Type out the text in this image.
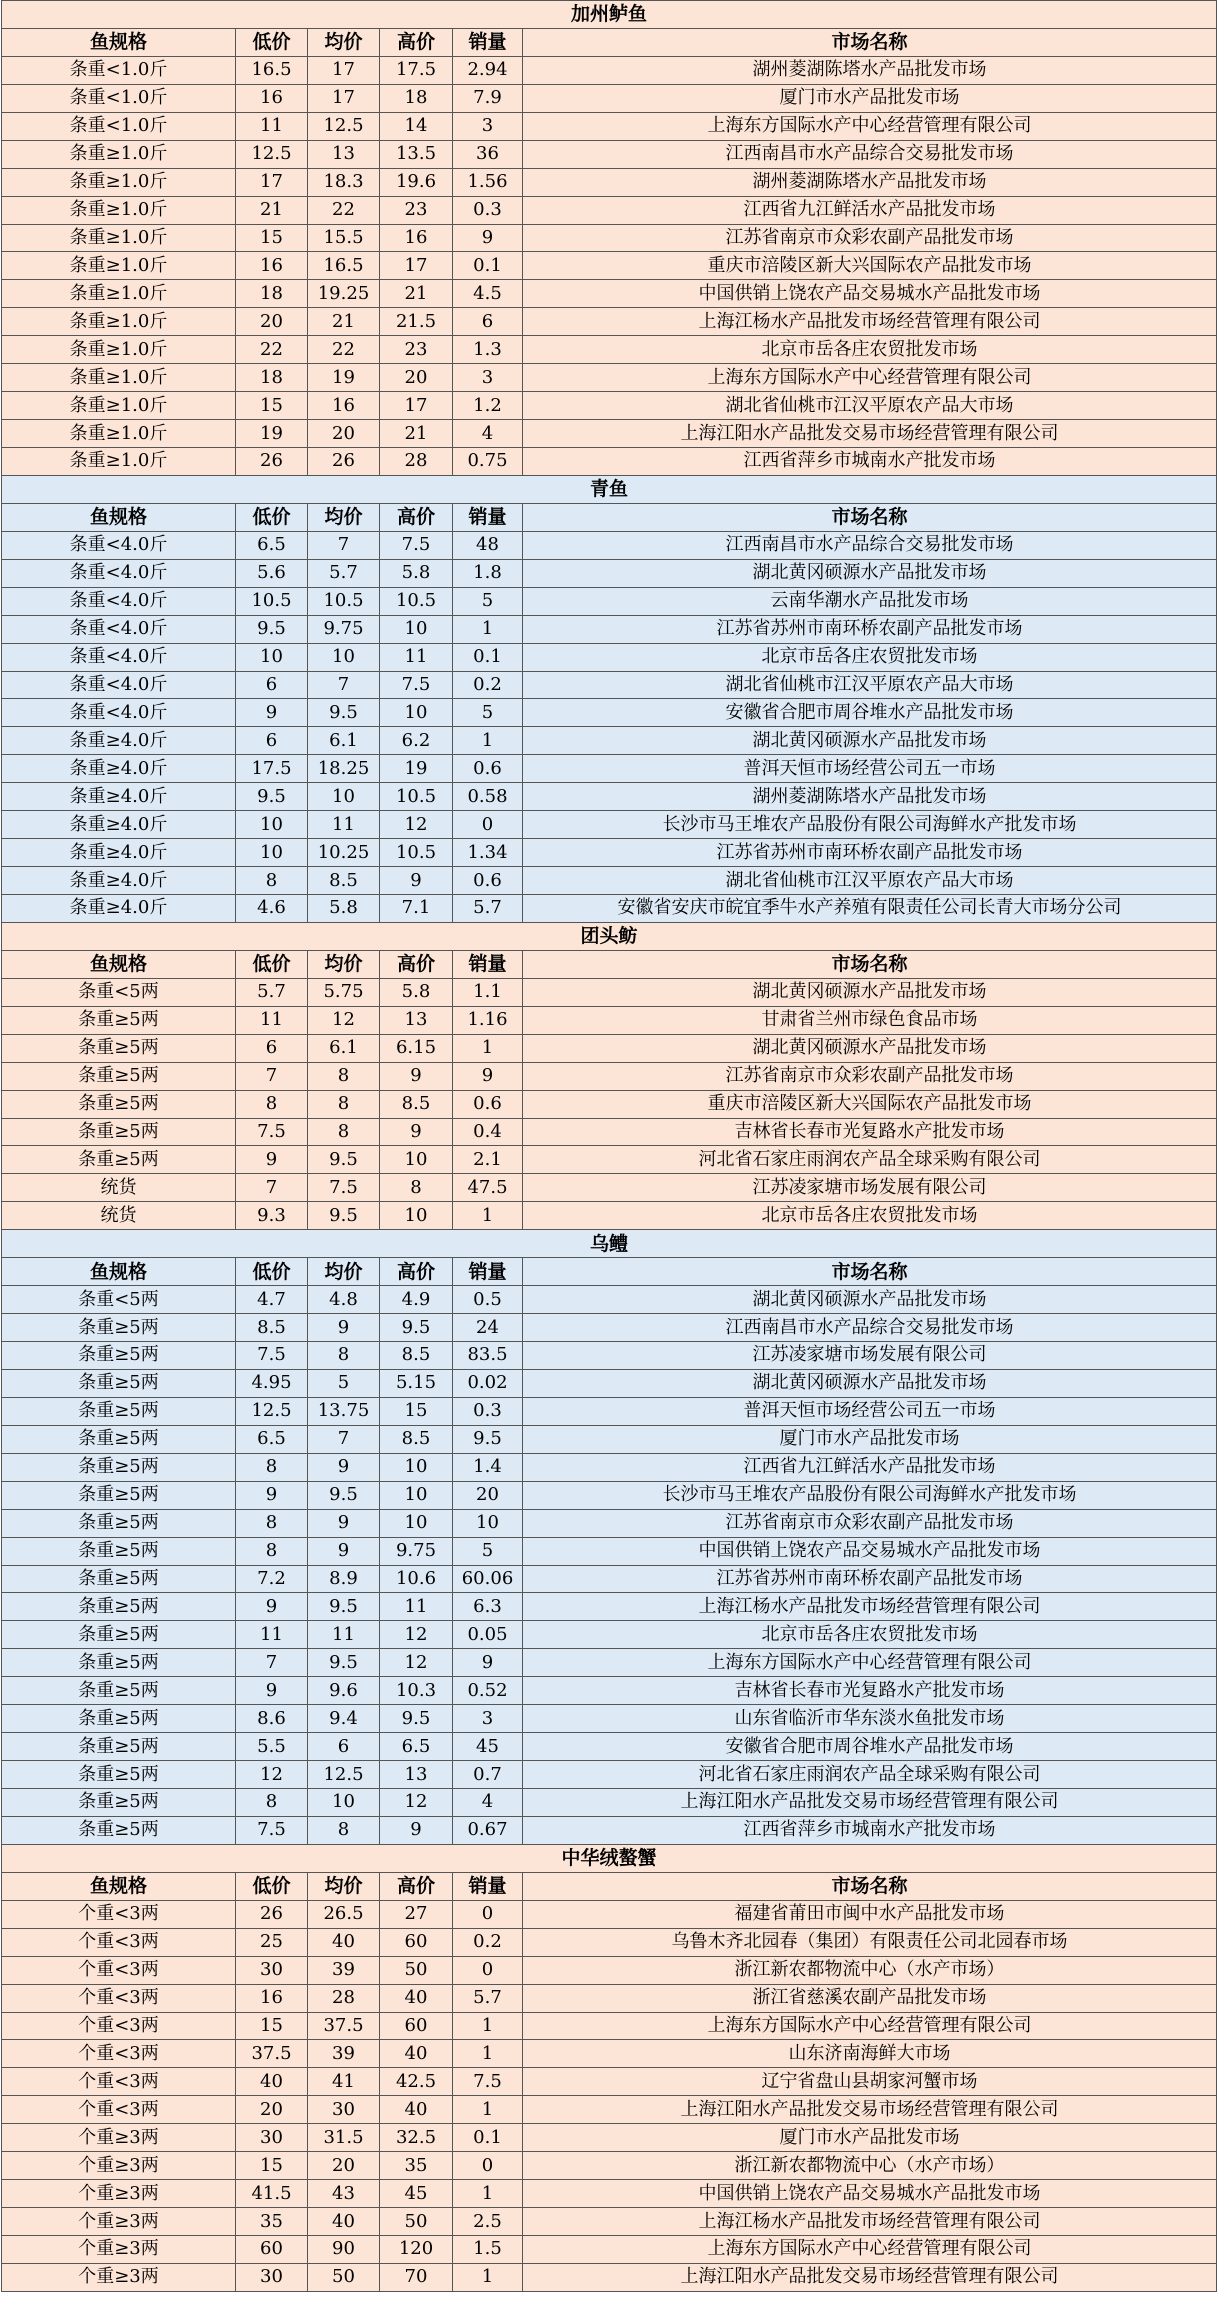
加州鲈鱼					
鱼规格	低价	均价	高价	销量	市场名称
条重<1.0斤	16.5	17	17.5	2.94	湖州菱湖陈塔水产品批发市场
条重<1.0斤	16	17	18	7.9	厦门市水产品批发市场
条重<1.0斤	11	12.5	14	3	上海东方国际水产中心经营管理有限公司
条重≥1.0斤	12.5	13	13.5	36	江西南昌市水产品综合交易批发市场
条重≥1.0斤	17	18.3	19.6	1.56	湖州菱湖陈塔水产品批发市场
条重≥1.0斤	21	22	23	0.3	江西省九江鲜活水产品批发市场
条重≥1.0斤	15	15.5	16	9	江苏省南京市众彩农副产品批发市场
条重≥1.0斤	16	16.5	17	0.1	重庆市涪陵区新大兴国际农产品批发市场
条重≥1.0斤	18	19.25	21	4.5	中国供销上饶农产品交易城水产品批发市场
条重≥1.0斤	20	21	21.5	6	上海江杨水产品批发市场经营管理有限公司
条重≥1.0斤	22	22	23	1.3	北京市岳各庄农贸批发市场
条重≥1.0斤	18	19	20	3	上海东方国际水产中心经营管理有限公司
条重≥1.0斤	15	16	17	1.2	湖北省仙桃市江汉平原农产品大市场
条重≥1.0斤	19	20	21	4	上海江阳水产品批发交易市场经营管理有限公司
条重≥1.0斤	26	26	28	0.75	江西省萍乡市城南水产批发市场
青鱼					
鱼规格	低价	均价	高价	销量	市场名称
条重<4.0斤	6.5	7	7.5	48	江西南昌市水产品综合交易批发市场
条重<4.0斤	5.6	5.7	5.8	1.8	湖北黄冈硕源水产品批发市场
条重<4.0斤	10.5	10.5	10.5	5	云南华潮水产品批发市场
条重<4.0斤	9.5	9.75	10	1	江苏省苏州市南环桥农副产品批发市场
条重<4.0斤	10	10	11	0.1	北京市岳各庄农贸批发市场
条重<4.0斤	6	7	7.5	0.2	湖北省仙桃市江汉平原农产品大市场
条重<4.0斤	9	9.5	10	5	安徽省合肥市周谷堆水产品批发市场
条重≥4.0斤	6	6.1	6.2	1	湖北黄冈硕源水产品批发市场
条重≥4.0斤	17.5	18.25	19	0.6	普洱天恒市场经营公司五一市场
条重≥4.0斤	9.5	10	10.5	0.58	湖州菱湖陈塔水产品批发市场
条重≥4.0斤	10	11	12	0	长沙市马王堆农产品股份有限公司海鲜水产批发市场
条重≥4.0斤	10	10.25	10.5	1.34	江苏省苏州市南环桥农副产品批发市场
条重≥4.0斤	8	8.5	9	0.6	湖北省仙桃市江汉平原农产品大市场
条重≥4.0斤	4.6	5.8	7.1	5.7	安徽省安庆市皖宜季牛水产养殖有限责任公司长青大市场分公司
团头鲂					
鱼规格	低价	均价	高价	销量	市场名称
条重<5两	5.7	5.75	5.8	1.1	湖北黄冈硕源水产品批发市场
条重≥5两	11	12	13	1.16	甘肃省兰州市绿色食品市场
条重≥5两	6	6.1	6.15	1	湖北黄冈硕源水产品批发市场
条重≥5两	7	8	9	9	江苏省南京市众彩农副产品批发市场
条重≥5两	8	8	8.5	0.6	重庆市涪陵区新大兴国际农产品批发市场
条重≥5两	7.5	8	9	0.4	吉林省长春市光复路水产批发市场
条重≥5两	9	9.5	10	2.1	河北省石家庄雨润农产品全球采购有限公司
统货	7	7.5	8	47.5	江苏凌家塘市场发展有限公司
统货	9.3	9.5	10	1	北京市岳各庄农贸批发市场
乌鳢					
鱼规格	低价	均价	高价	销量	市场名称
条重<5两	4.7	4.8	4.9	0.5	湖北黄冈硕源水产品批发市场
条重≥5两	8.5	9	9.5	24	江西南昌市水产品综合交易批发市场
条重≥5两	7.5	8	8.5	83.5	江苏凌家塘市场发展有限公司
条重≥5两	4.95	5	5.15	0.02	湖北黄冈硕源水产品批发市场
条重≥5两	12.5	13.75	15	0.3	普洱天恒市场经营公司五一市场
条重≥5两	6.5	7	8.5	9.5	厦门市水产品批发市场
条重≥5两	8	9	10	1.4	江西省九江鲜活水产品批发市场
条重≥5两	9	9.5	10	20	长沙市马王堆农产品股份有限公司海鲜水产批发市场
条重≥5两	8	9	10	10	江苏省南京市众彩农副产品批发市场
条重≥5两	8	9	9.75	5	中国供销上饶农产品交易城水产品批发市场
条重≥5两	7.2	8.9	10.6	60.06	江苏省苏州市南环桥农副产品批发市场
条重≥5两	9	9.5	11	6.3	上海江杨水产品批发市场经营管理有限公司
条重≥5两	11	11	12	0.05	北京市岳各庄农贸批发市场
条重≥5两	7	9.5	12	9	上海东方国际水产中心经营管理有限公司
条重≥5两	9	9.6	10.3	0.52	吉林省长春市光复路水产批发市场
条重≥5两	8.6	9.4	9.5	3	山东省临沂市华东淡水鱼批发市场
条重≥5两	5.5	6	6.5	45	安徽省合肥市周谷堆水产品批发市场
条重≥5两	12	12.5	13	0.7	河北省石家庄雨润农产品全球采购有限公司
条重≥5两	8	10	12	4	上海江阳水产品批发交易市场经营管理有限公司
条重≥5两	7.5	8	9	0.67	江西省萍乡市城南水产批发市场
中华绒螯蟹					
鱼规格	低价	均价	高价	销量	市场名称
个重<3两	26	26.5	27	0	福建省莆田市闽中水产品批发市场
个重<3两	25	40	60	0.2	乌鲁木齐北园春（集团）有限责任公司北园春市场
个重<3两	30	39	50	0	浙江新农都物流中心（水产市场）
个重<3两	16	28	40	5.7	浙江省慈溪农副产品批发市场
个重<3两	15	37.5	60	1	上海东方国际水产中心经营管理有限公司
个重<3两	37.5	39	40	1	山东济南海鲜大市场
个重<3两	40	41	42.5	7.5	辽宁省盘山县胡家河蟹市场
个重<3两	20	30	40	1	上海江阳水产品批发交易市场经营管理有限公司
个重≥3两	30	31.5	32.5	0.1	厦门市水产品批发市场
个重≥3两	15	20	35	0	浙江新农都物流中心（水产市场）
个重≥3两	41.5	43	45	1	中国供销上饶农产品交易城水产品批发市场
个重≥3两	35	40	50	2.5	上海江杨水产品批发市场经营管理有限公司
个重≥3两	60	90	120	1.5	上海东方国际水产中心经营管理有限公司
个重≥3两	30	50	70	1	上海江阳水产品批发交易市场经营管理有限公司
